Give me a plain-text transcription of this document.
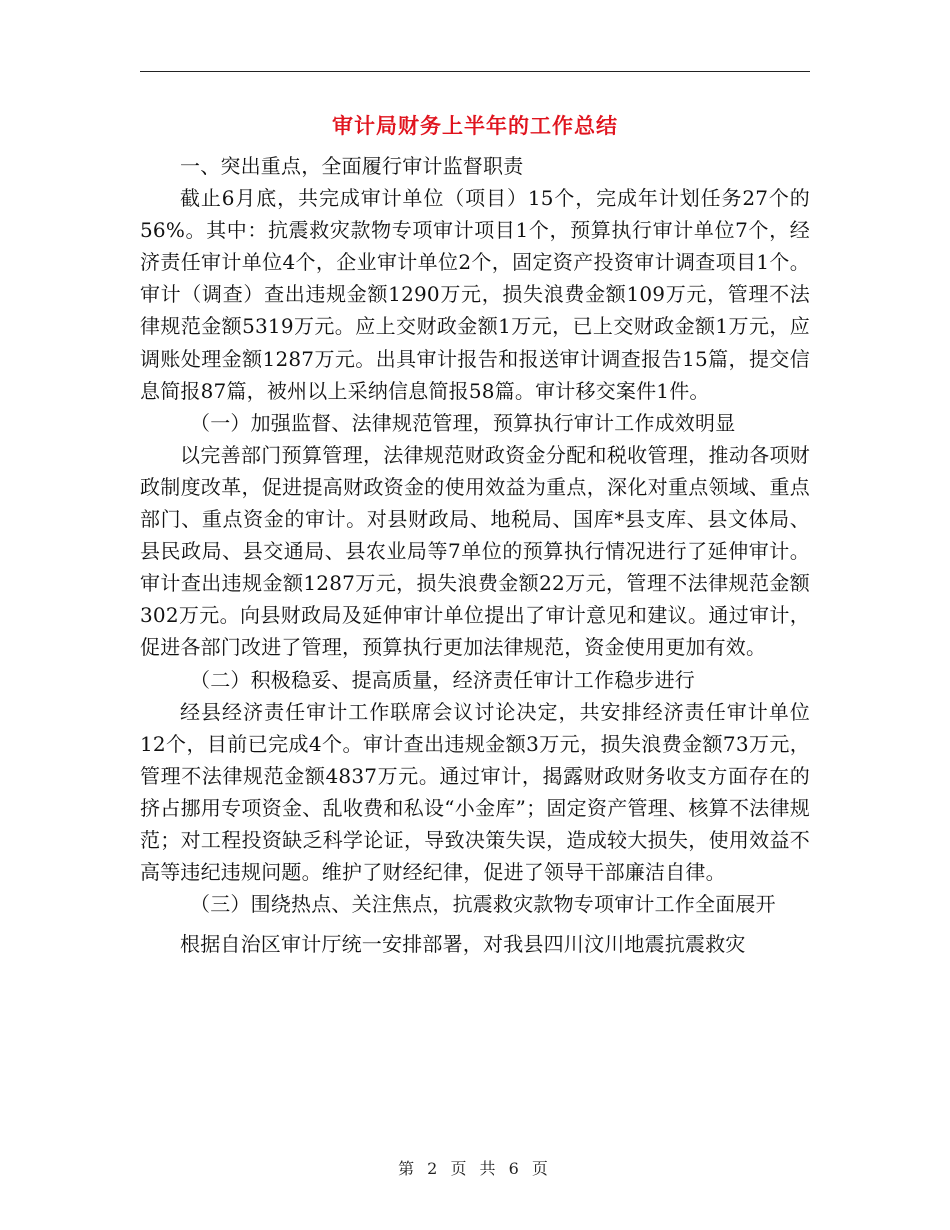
审计局财务上半年的工作总结

一、突出重点，全面履行审计监督职责

截止6月底，共完成审计单位（项目）15个，完成年计划任务27个的56%。其中：抗震救灾款物专项审计项目1个，预算执行审计单位7个，经济责任审计单位4个，企业审计单位2个，固定资产投资审计调查项目1个。审计（调查）查出违规金额1290万元，损失浪费金额109万元，管理不法律规范金额5319万元。应上交财政金额1万元，已上交财政金额1万元，应调账处理金额1287万元。出具审计报告和报送审计调查报告15篇，提交信息简报87篇，被州以上采纳信息简报58篇。审计移交案件1件。

（一）加强监督、法律规范管理，预算执行审计工作成效明显

以完善部门预算管理，法律规范财政资金分配和税收管理，推动各项财政制度改革，促进提高财政资金的使用效益为重点，深化对重点领域、重点部门、重点资金的审计。对县财政局、地税局、国库*县支库、县文体局、县民政局、县交通局、县农业局等7单位的预算执行情况进行了延伸审计。审计查出违规金额1287万元，损失浪费金额22万元，管理不法律规范金额302万元。向县财政局及延伸审计单位提出了审计意见和建议。通过审计，促进各部门改进了管理，预算执行更加法律规范，资金使用更加有效。

（二）积极稳妥、提高质量，经济责任审计工作稳步进行

经县经济责任审计工作联席会议讨论决定，共安排经济责任审计单位12个，目前已完成4个。审计查出违规金额3万元，损失浪费金额73万元，管理不法律规范金额4837万元。通过审计，揭露财政财务收支方面存在的挤占挪用专项资金、乱收费和私设“小金库”；固定资产管理、核算不法律规范；对工程投资缺乏科学论证，导致决策失误，造成较大损失，使用效益不高等违纪违规问题。维护了财经纪律，促进了领导干部廉洁自律。

（三）围绕热点、关注焦点，抗震救灾款物专项审计工作全面展开

根据自治区审计厅统一安排部署，对我县四川汶川地震抗震救灾

第 2 页 共 6 页
